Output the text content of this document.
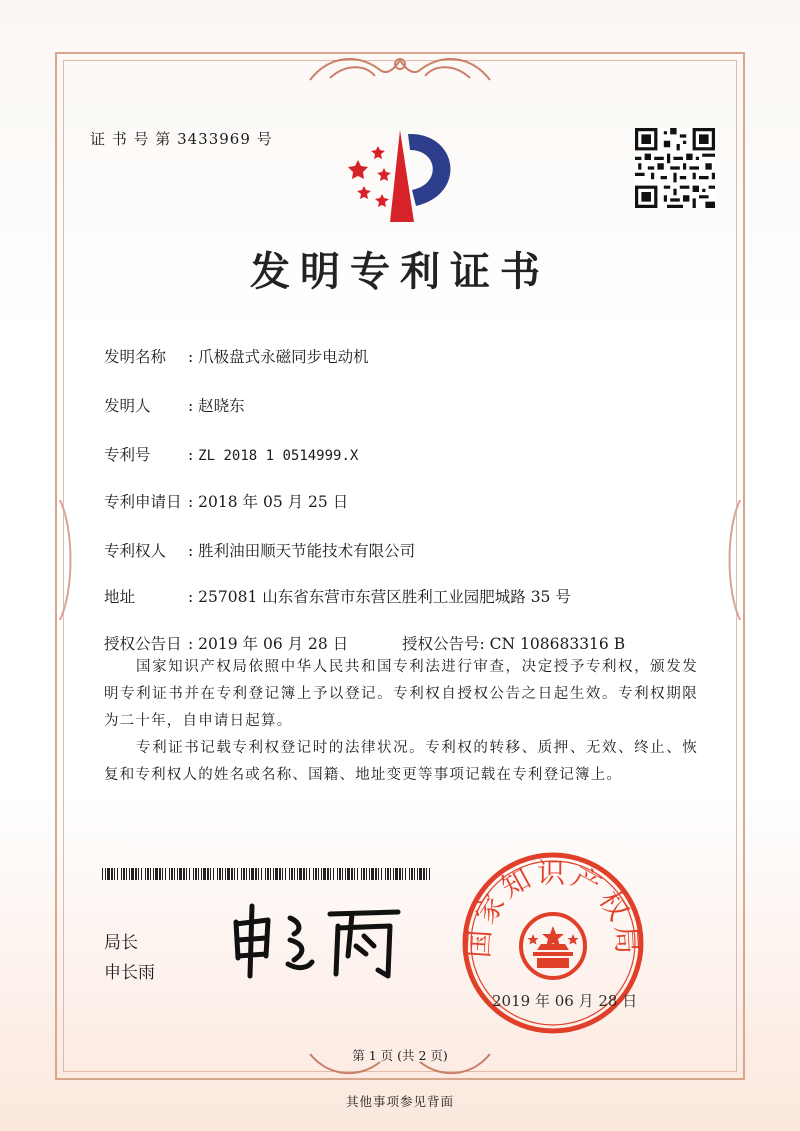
证 书 号 第 3433969 号
发明专利证书
发明名称 : 爪极盘式永磁同步电动机
发明人 : 赵晓东
专利号 : ZL 2018 1 0514999.X
专利申请日 : 2018 年 05 月 25 日
专利权人 : 胜利油田顺天节能技术有限公司
地址	: 257081 山东省东营市东营区胜利工业园肥城路 35 号
授权公告日 : 2019 年 06 月 28 日	授权公告号: CN 108683316 B
国家知识产权局依照中华人民共和国专利法进行审查，决定授予专利权，颁发发明专利证书并在专利登记簿上予以登记。专利权自授权公告之日起生效。专利权期限为二十年，自申请日起算。
专利证书记载专利权登记时的法律状况。专利权的转移、质押、无效、终止、恢复和专利权人的姓名或名称、国籍、地址变更等事项记载在专利登记簿上。
局长
申长雨
国家知识产权局
2019 年 06 月 28 日
第 1 页 (共 2 页)
其他事项参见背面
